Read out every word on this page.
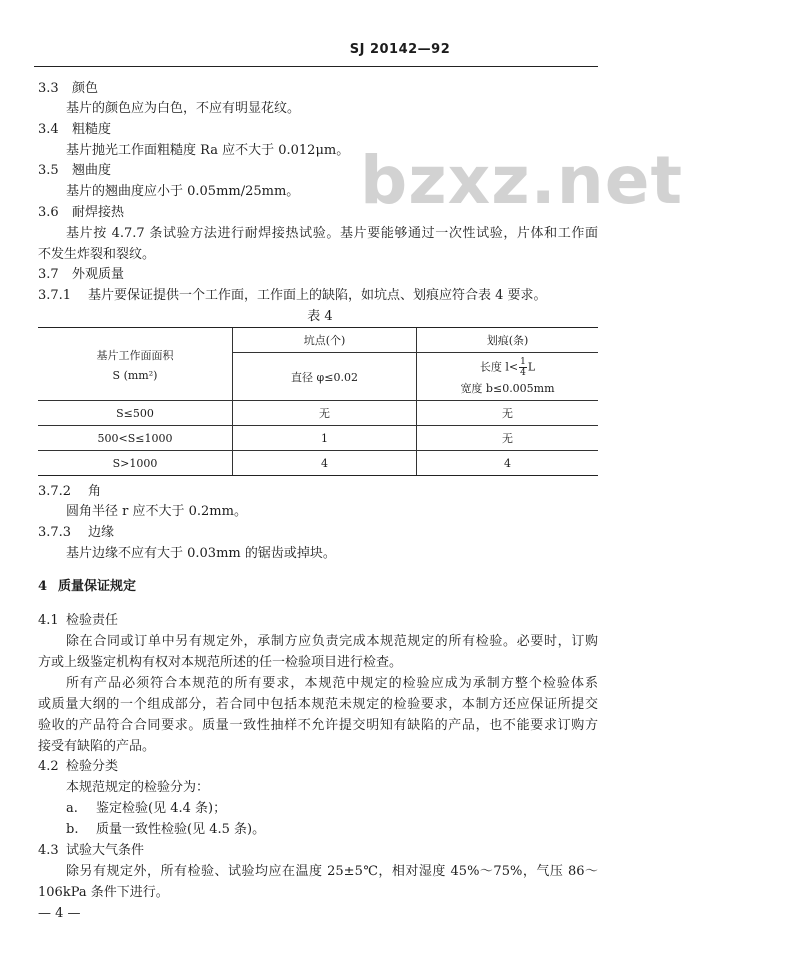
SJ 20142—92
bzxz.net
3.3 颜色
基片的颜色应为白色，不应有明显花纹。
3.4 粗糙度
基片抛光工作面粗糙度 Ra 应不大于 0.012μm。
3.5 翘曲度
基片的翘曲度应小于 0.05mm/25mm。
3.6 耐焊接热
基片按 4.7.7 条试验方法进行耐焊接热试验。基片要能够通过一次性试验，片体和工作面
不发生炸裂和裂纹。
3.7 外观质量
3.7.1 基片要保证提供一个工作面，工作面上的缺陷，如坑点、划痕应符合表 4 要求。
表 4
基片工作面面积
S (mm²)	坑点(个)	划痕(条)
	直径 φ≤0.02	长度 $l< \frac{1}{4}$ L
宽度 b≤0.005mm

S≤500	无	无
500<S≤1000	1	无
S>1000	4	4
3.7.2 角
圆角半径 r 应不大于 0.2mm。
3.7.3 边缘
基片边缘不应有大于 0.03mm 的锯齿或掉块。
4 质量保证规定
4.1 检验责任
除在合同或订单中另有规定外，承制方应负责完成本规范规定的所有检验。必要时，订购
方或上级鉴定机构有权对本规范所述的任一检验项目进行检查。
所有产品必须符合本规范的所有要求，本规范中规定的检验应成为承制方整个检验体系
或质量大纲的一个组成部分，若合同中包括本规范未规定的检验要求，本制方还应保证所提交
验收的产品符合合同要求。质量一致性抽样不允许提交明知有缺陷的产品，也不能要求订购方
接受有缺陷的产品。
4.2 检验分类
本规范规定的检验分为：
a. 鉴定检验(见 4.4 条)；
b. 质量一致性检验(见 4.5 条)。
4.3 试验大气条件
除另有规定外，所有检验、试验均应在温度 25±5℃，相对湿度 45%～75%，气压 86～
106kPa 条件下进行。
— 4 —
